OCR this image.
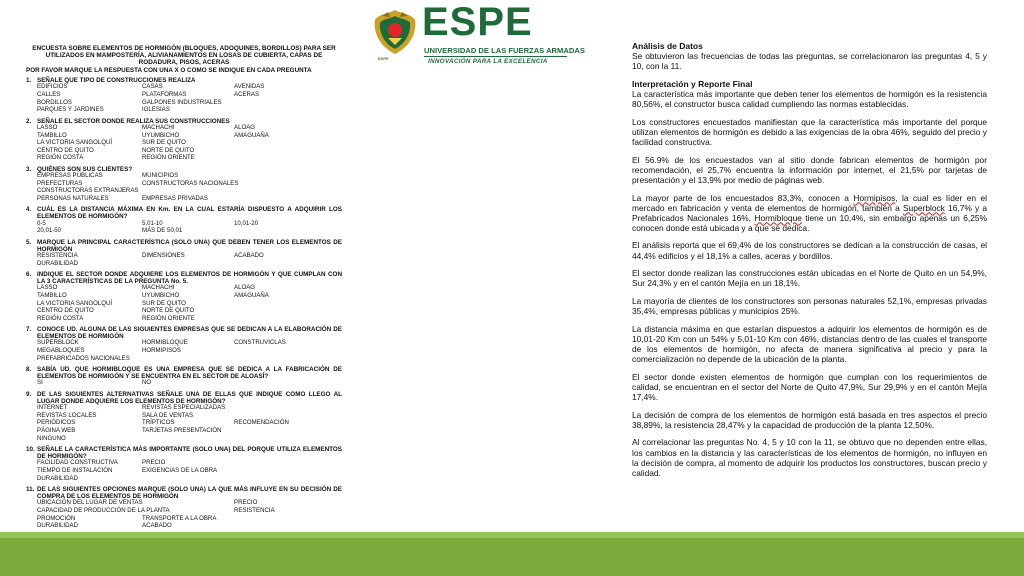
ESPE
ESPE
UNIVERSIDAD DE LAS FUERZAS ARMADAS
INNOVACIÓN PARA LA EXCELENCIA
ENCUESTA SOBRE ELEMENTOS DE HORMIGÓN (BLOQUES, ADOQUINES, BORDILLOS) PARA SER UTILIZADOS EN MAMPOSTERÍA, ALIVIANAMIENTOS EN LOSAS DE CUBIERTA, CAPAS DE RODADURA, PISOS, ACERAS
POR FAVOR MARQUE LA RESPUESTA CON UNA X O COMO SE INDIQUE EN CADA PREGUNTA
1. SEÑALE QUE TIPO DE CONSTRUCCIONES REALIZA
EDIFICIOS	CASAS	AVENIDAS
CALLES	PLATAFORMAS	ACERAS
BORDILLOS	GALPONES INDUSTRIALES
PARQUES Y JARDINES	IGLESIAS
2. SEÑALE EL SECTOR DONDE REALIZA SUS CONSTRUCCIONES
LASSO	MACHACHI	ALOAG
TAMBILLO	UYUMBICHO	AMAGUAÑA
LA VICTORIA SANGOLQUÍ	SUR DE QUITO
CENTRO DE QUITO	NORTE DE QUITO
REGIÓN COSTA	REGIÓN ORIENTE
3. QUIÉNES SON SUS CLIENTES?
EMPRESAS PÚBLICAS	MUNICIPIOS
PREFECTURAS	CONSTRUCTORAS NACIONALES
CONSTRUCTORAS EXTRANJERAS
PERSONAS NATURALES	EMPRESAS PRIVADAS
4. CUÁL ES LA DISTANCIA MÁXIMA EN Km. EN LA CUAL ESTARÍA DISPUESTO A ADQUIRIR LOS ELEMENTOS DE HORMIGÓN?
0-5	5,01-10	10,01-20
20,01-50	MÁS DE 50,01
5. MARQUE LA PRINCIPAL CARACTERÍSTICA (SOLO UNA) QUE DEBEN TENER LOS ELEMENTOS DE HORMIGÓN
RESISTENCIA	DIMENSIONES	ACABADO
DURABILIDAD
6. INDIQUE EL SECTOR DONDE ADQUIERE LOS ELEMENTOS DE HORMIGÓN Y QUE CUMPLAN CON LA 3 CARACTERÍSTICAS DE LA PREGUNTA No. 5.
LASSO	MACHACHI	ALOAG
TAMBILLO	UYUMBICHO	AMAGUAÑA
LA VICTORIA SANGOLQUÍ	SUR DE QUITO
CENTRO DE QUITO	NORTE DE QUITO
REGIÓN COSTA	REGIÓN ORIENTE
7. CONOCE UD. ALGUNA DE LAS SIGUIENTES EMPRESAS QUE SE DEDICAN A LA ELABORACIÓN DE ELEMENTOS DE HORMIGÓN
SUPERBLOCK	HORMIBLOQUE	CONSTRUVICLAS
MEGABLOQUES	HORMIPISOS
PREFABRICADOS NACIONALES
8. SABÍA UD. QUE HORMIBLOQUE ES UNA EMPRESA QUE SE DEDICA A LA FABRICACIÓN DE ELEMENTOS DE HORMIGÓN Y SE ENCUENTRA EN EL SECTOR DE ALOASÍ?
SI	NO
9. DE LAS SIGUIENTES ALTERNATIVAS SEÑALE UNA DE ELLAS QUE INDIQUE COMO LLEGO AL LUGAR DONDE ADQUIERE LOS ELEMENTOS DE HORMIGÓN?
INTERNET	REVISTAS ESPECIALIZADAS
REVISTAS LOCALES	SALA DE VENTAS
PERIÓDICOS	TRÍPTICOS	RECOMENDACIÓN
PÁGINA WEB	TARJETAS PRESENTACIÓN
NINGUNO
10. SEÑALE LA CARACTERÍSTICA MÁS IMPORTANTE (SOLO UNA) DEL PORQUE UTILIZA ELEMENTOS DE HORMIGÓN?
FACILIDAD CONSTRUCTIVA	PRECIO
TIEMPO DE INSTALACIÓN	EXIGENCIAS DE LA OBRA
DURABILIDAD
11. DE LAS SIGUIENTES OPCIONES MARQUE (SOLO UNA) LA QUE MÁS INFLUYE EN SU DECISIÓN DE COMPRA DE LOS ELEMENTOS DE HORMIGÓN
UBICACIÓN DEL LUGAR DE VENTAS	PRECIO
CAPACIDAD DE PRODUCCIÓN DE LA PLANTA	RESISTENCIA
PROMOCIÓN	TRANSPORTE A LA OBRA
DURABILIDAD	ACABADO
Análisis de Datos

Se obtuvieron las frecuencias de todas las preguntas, se correlacionaron las preguntas 4, 5 y 10, con la 11.

Interpretación y Reporte Final

La característica más importante que deben tener los elementos de hormigón es la resistencia 80,56%, el constructor busca calidad cumpliendo las normas establecidas.

Los constructores encuestados manifiestan que la característica más importante del porque utilizan elementos de hormigón es debido a las exigencias de la obra 46%, seguido del precio y facilidad constructiva.

El 56.9% de los encuestados van al sitio donde fabrican elementos de hormigón por recomendación, el 25,7% encuentra la información por internet, el 21,5% por tarjetas de presentación y el 13,9% por medio de páginas web.

La mayor parte de los encuestados 83,3%, conocen a Hormipisos, la cual es líder en el mercado en fabricación y venta de elementos de hormigón, también a Superblock 16,7% y a Prefabricados Nacionales 16%, Hormibloque tiene un 10,4%, sin embargo apenas un 6,25% conocen donde está ubicada y a que se dedica.

El análisis reporta que el 69,4% de los constructores se dedican a la construcción de casas, el 44,4% edificios y el 18,1% a calles, aceras y bordillos.

El sector donde realizan las construcciones están ubicadas en el Norte de Quito en un 54,9%, Sur 24,3% y en el cantón Mejía en un 18,1%.

La mayoría de clientes de los constructores son personas naturales 52,1%, empresas privadas 35,4%, empresas públicas y municipios 25%.

La distancia máxima en que estarían dispuestos a adquirir los elementos de hormigón es de 10,01-20 Km con un 54% y 5,01-10 Km con 46%, distancias dentro de las cuales el transporte de los elementos de hormigón, no afecta de manera significativa al precio y para la comercialización no depende de la ubicación de la planta.

El sector donde existen elementos de hormigón que cumplan con los requerimientos de calidad, se encuentran en el sector del Norte de Quito 47,9%, Sur 29,9% y en el cantón Mejía 17,4%.

La decisión de compra de los elementos de hormigón está basada en tres aspectos el precio 38,89%, la resistencia 28,47% y la capacidad de producción de la planta 12,50%.

Al correlacionar las preguntas No. 4, 5 y 10 con la 11, se obtuvo que no dependen entre ellas, los cambios en la distancia y las características de los elementos de hormigón, no influyen en la decisión de compra, al momento de adquirir los productos los constructores, buscan precio y calidad.
